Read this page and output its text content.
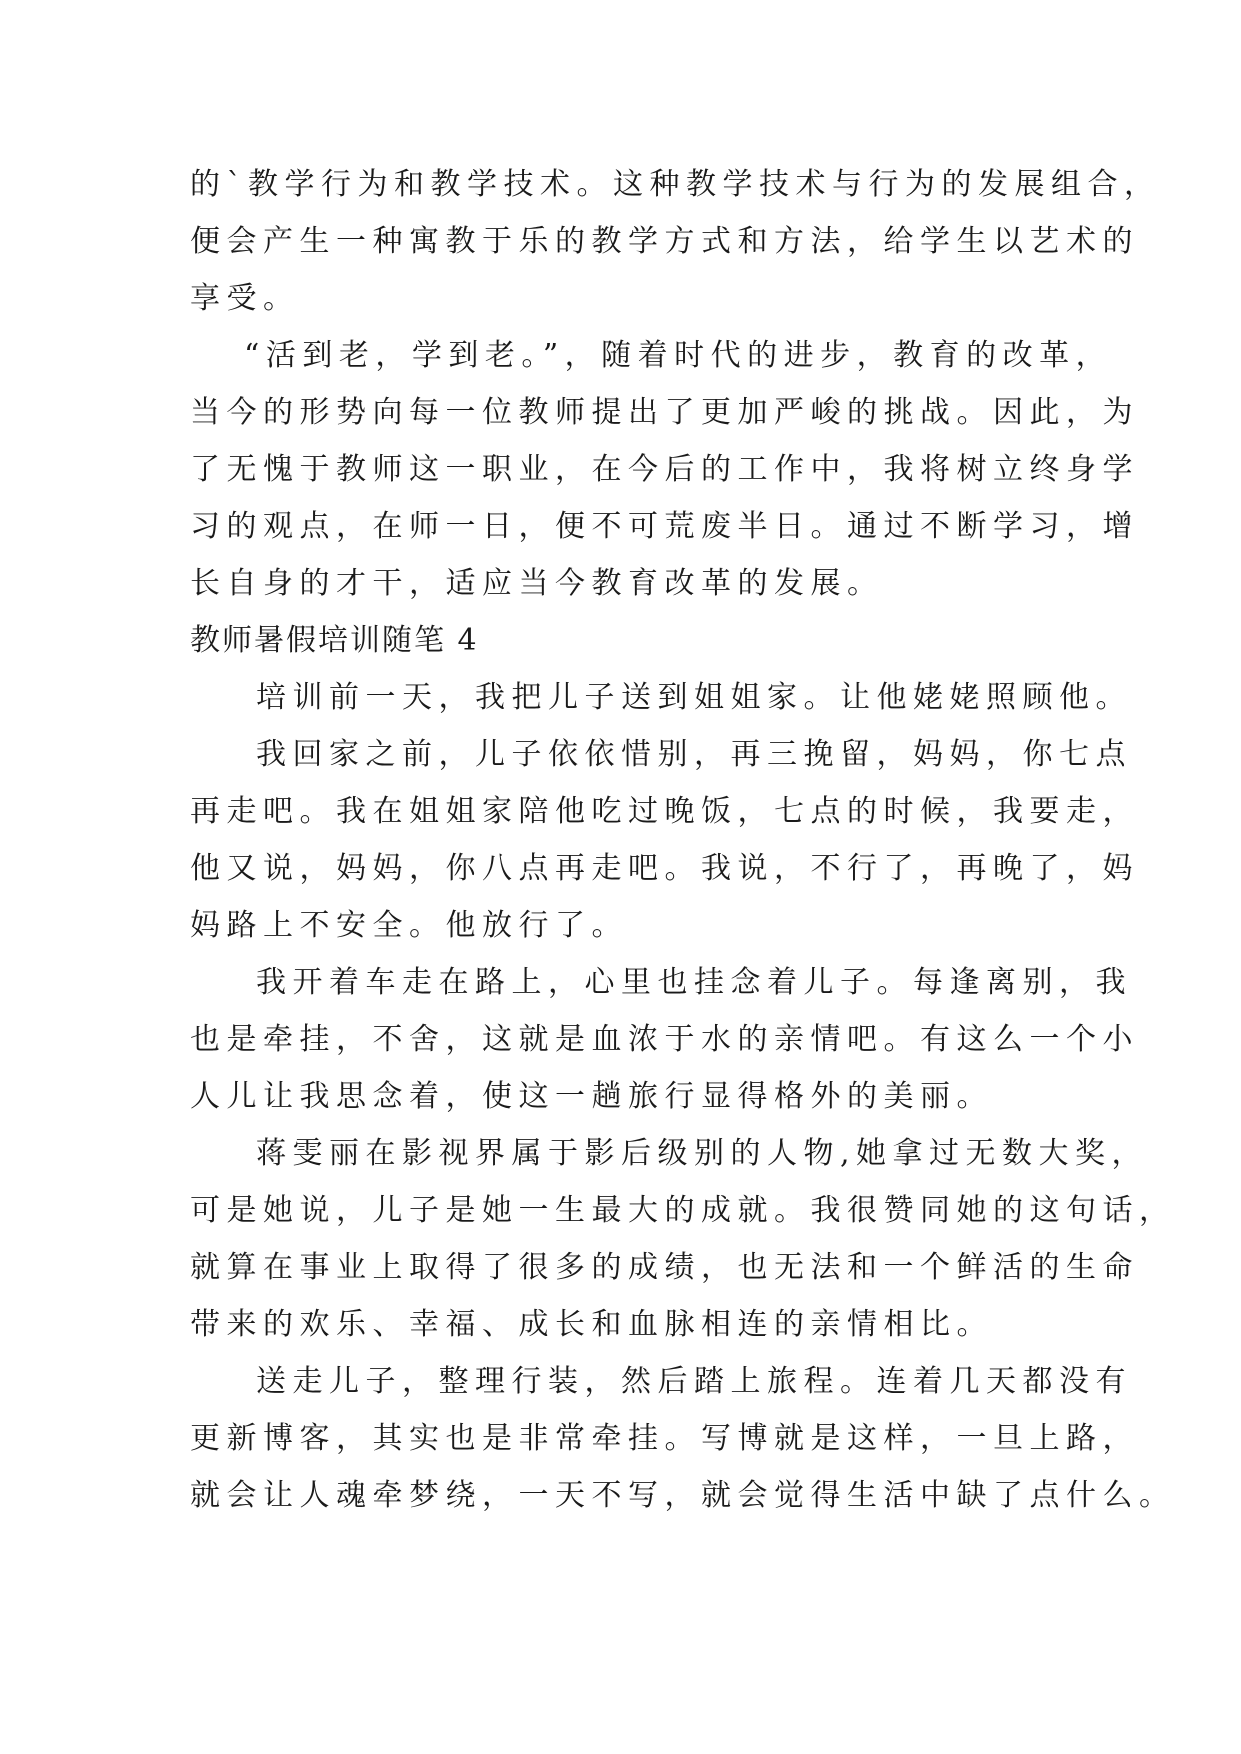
的`教学行为和教学技术。这种教学技术与行为的发展组合，
便会产生一种寓教于乐的教学方式和方法，给学生以艺术的
享受。
“活到老，学到老。”，随着时代的进步，教育的改革，
当今的形势向每一位教师提出了更加严峻的挑战。因此，为
了无愧于教师这一职业，在今后的工作中，我将树立终身学
习的观点，在师一日，便不可荒废半日。通过不断学习，增
长自身的才干，适应当今教育改革的发展。
教师暑假培训随笔 4
培训前一天，我把儿子送到姐姐家。让他姥姥照顾他。
我回家之前，儿子依依惜别，再三挽留，妈妈，你七点
再走吧。我在姐姐家陪他吃过晚饭，七点的时候，我要走，
他又说，妈妈，你八点再走吧。我说，不行了，再晚了，妈
妈路上不安全。他放行了。
我开着车走在路上，心里也挂念着儿子。每逢离别，我
也是牵挂，不舍，这就是血浓于水的亲情吧。有这么一个小
人儿让我思念着，使这一趟旅行显得格外的美丽。
蒋雯丽在影视界属于影后级别的人物,她拿过无数大奖，
可是她说，儿子是她一生最大的成就。我很赞同她的这句话，
就算在事业上取得了很多的成绩，也无法和一个鲜活的生命
带来的欢乐、幸福、成长和血脉相连的亲情相比。
送走儿子，整理行装，然后踏上旅程。连着几天都没有
更新博客，其实也是非常牵挂。写博就是这样，一旦上路，
就会让人魂牵梦绕，一天不写，就会觉得生活中缺了点什么。
